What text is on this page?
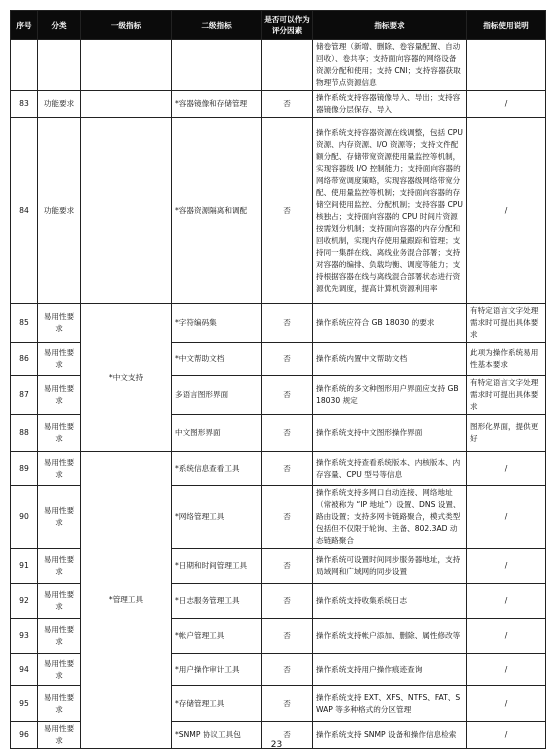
序号	分类	一级指标	二级指标	是否可以作为评分因素	指标要求	指标使用说明
					储卷管理（新增、删除、卷容量配置、自动回收）、卷共享；支持面向容器的网络设备资源分配和使用；支持 CNI；支持容器获取物理节点资源信息	
83	功能要求		*容器镜像和存储管理	否	操作系统支持容器镜像导入、导出；支持容器镜像分层保存、导入	/
84	功能要求		*容器资源隔离和调配	否	操作系统支持容器资源在线调整，包括 CPU 资源、内存资源、I/O 资源等；支持文件配额分配、存储带宽资源使用量监控等机制，实现容器级 I/O 控制能力；支持面向容器的网络带宽调度策略，实现容器级网络带宽分配、使用量监控等机制；支持面向容器的存储空间使用监控、分配机制；支持容器 CPU 核独占；支持面向容器的 CPU 时间片资源按需划分机制；支持面向容器的内存分配和回收机制，实现内存使用量跟踪和管理；支持同一集群在线、离线业务混合部署；支持对容器的编排、负载均衡、调度等能力；支持根据容器在线与离线混合部署状态进行资源优先调度，提高计算机资源利用率	/
85	易用性要求	*中文支持	*字符编码集	否	操作系统应符合 GB 18030 的要求	有特定语言文字处理需求时可提出具体要求
86	易用性要求		*中文帮助文档	否	操作系统内置中文帮助文档	此项为操作系统易用性基本要求
87	易用性要求		多语言图形界面	否	操作系统的多文种图形用户界面应支持 GB 18030 规定	有特定语言文字处理需求时可提出具体要求
88	易用性要求		中文图形界面	否	操作系统支持中文图形操作界面	图形化界面，提供更好
89	易用性要求	*管理工具	*系统信息查看工具	否	操作系统支持查看系统版本、内核版本、内存容量、CPU 型号等信息	/
90	易用性要求		*网络管理工具	否	操作系统支持多网口自动连接、网络地址（常被称为 “IP 地址”）设置、DNS 设置、路由设置；支持多网卡链路聚合，模式类型包括但不仅限于轮询、主备、802.3AD 动态链路聚合	/
91	易用性要求		*日期和时间管理工具	否	操作系统可设置时间同步服务器地址，支持局域网和广域网的同步设置	/
92	易用性要求		*日志服务管理工具	否	操作系统支持收集系统日志	/
93	易用性要求		*帐户管理工具	否	操作系统支持帐户添加、删除、属性修改等	/
94	易用性要求		*用户操作审计工具	否	操作系统支持用户操作痕迹查询	/
95	易用性要求		*存储管理工具	否	操作系统支持 EXT、XFS、NTFS、FAT、SWAP 等多种格式的分区管理	/
96	易用性要求		*SNMP 协议工具包	否	操作系统支持 SNMP 设备和操作信息检索	/
23
